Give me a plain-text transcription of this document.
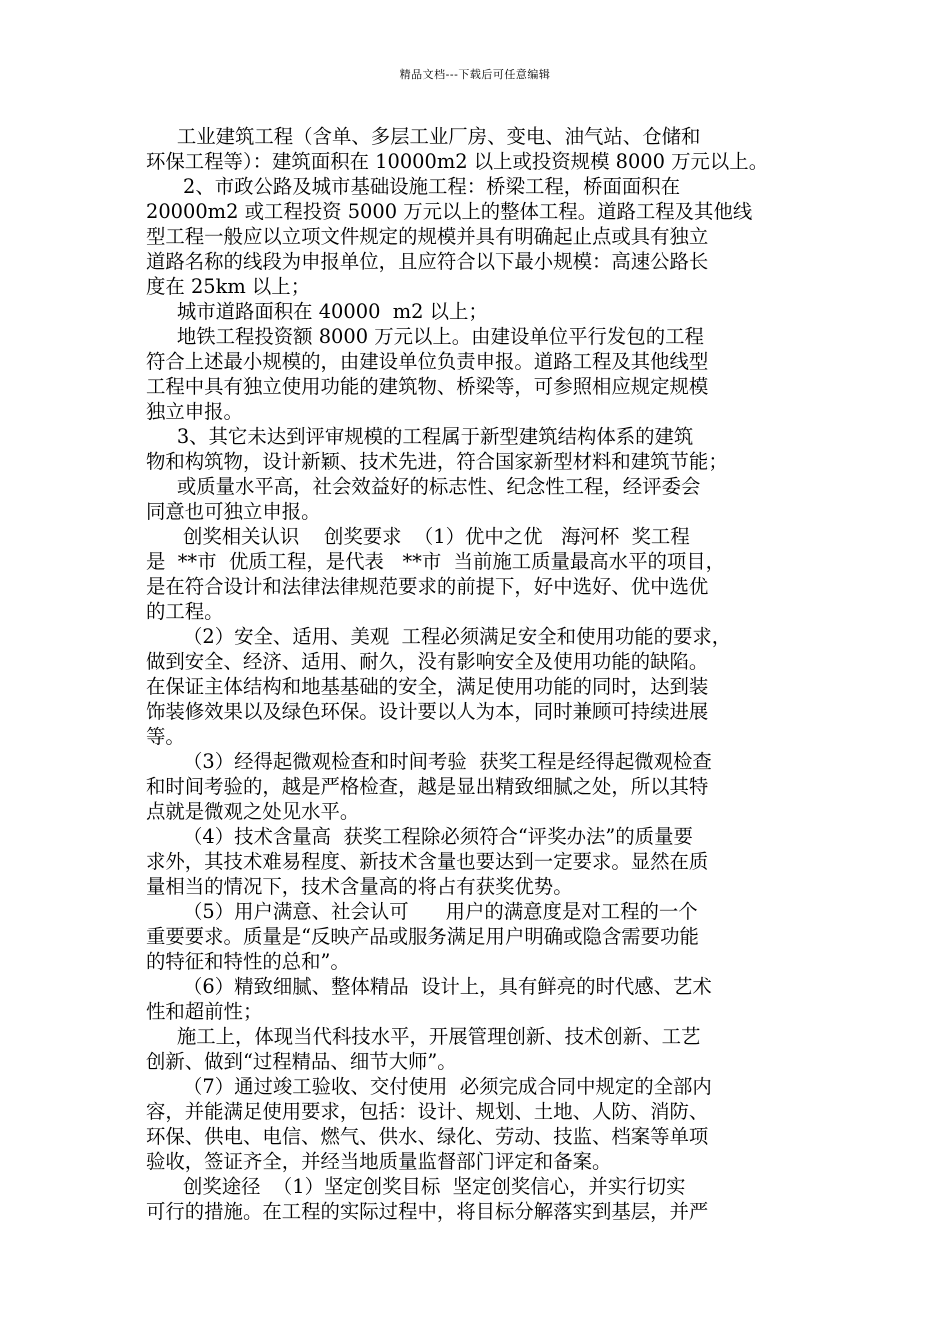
精品文档---下载后可任意编辑
工业建筑工程（含单、多层工业厂房、变电、油气站、仓储和
环保工程等）：建筑面积在 10000m2 以上或投资规模 8000 万元以上。
2、市政公路及城市基础设施工程：桥梁工程，桥面面积在
20000m2 或工程投资 5000 万元以上的整体工程。道路工程及其他线
型工程一般应以立项文件规定的规模并具有明确起止点或具有独立
道路名称的线段为申报单位，且应符合以下最小规模：高速公路长
度在 25km 以上；
城市道路面积在 40000  m2 以上；
地铁工程投资额 8000 万元以上。由建设单位平行发包的工程
符合上述最小规模的，由建设单位负责申报。道路工程及其他线型
工程中具有独立使用功能的建筑物、桥梁等，可参照相应规定规模
独立申报。
3、其它未达到评审规模的工程属于新型建筑结构体系的建筑
物和构筑物，设计新颖、技术先进，符合国家新型材料和建筑节能；
或质量水平高，社会效益好的标志性、纪念性工程，经评委会
同意也可独立申报。
创奖相关认识    创奖要求  （1）优中之优   海河杯  奖工程
是  **市  优质工程，是代表   **市  当前施工质量最高水平的项目，
是在符合设计和法律法律规范要求的前提下，好中选好、优中选优
的工程。
（2）安全、适用、美观  工程必须满足安全和使用功能的要求，
做到安全、经济、适用、耐久，没有影响安全及使用功能的缺陷。
在保证主体结构和地基基础的安全，满足使用功能的同时，达到装
饰装修效果以及绿色环保。设计要以人为本，同时兼顾可持续进展
等。
（3）经得起微观检查和时间考验  获奖工程是经得起微观检查
和时间考验的，越是严格检查，越是显出精致细腻之处，所以其特
点就是微观之处见水平。
（4）技术含量高  获奖工程除必须符合“评奖办法”的质量要
求外，其技术难易程度、新技术含量也要达到一定要求。显然在质
量相当的情况下，技术含量高的将占有获奖优势。
（5）用户满意、社会认可      用户的满意度是对工程的一个
重要要求。质量是“反映产品或服务满足用户明确或隐含需要功能
的特征和特性的总和”。
（6）精致细腻、整体精品  设计上，具有鲜亮的时代感、艺术
性和超前性；
施工上，体现当代科技水平，开展管理创新、技术创新、工艺
创新、做到“过程精品、细节大师”。
（7）通过竣工验收、交付使用  必须完成合同中规定的全部内
容，并能满足使用要求，包括：设计、规划、土地、人防、消防、
环保、供电、电信、燃气、供水、绿化、劳动、技监、档案等单项
验收，签证齐全，并经当地质量监督部门评定和备案。
创奖途径  （1）坚定创奖目标  坚定创奖信心，并实行切实
可行的措施。在工程的实际过程中，将目标分解落实到基层，并严
